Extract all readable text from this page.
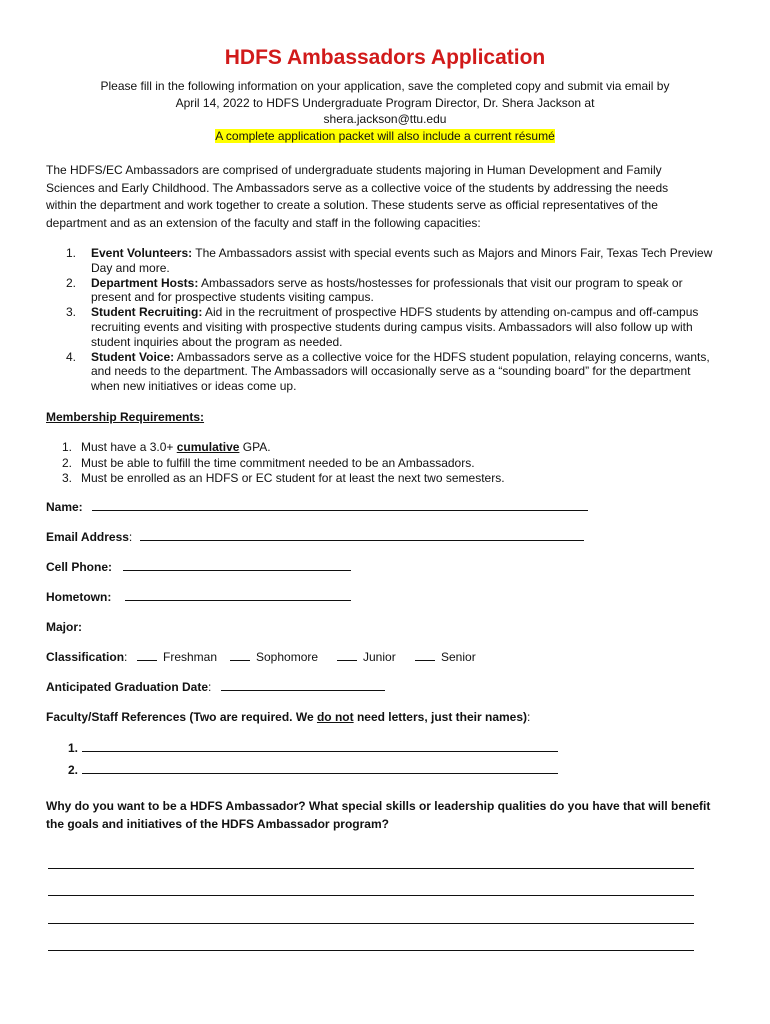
HDFS Ambassadors Application
Please fill in the following information on your application, save the completed copy and submit via email by
April 14, 2022 to HDFS Undergraduate Program Director, Dr. Shera Jackson at
shera.jackson@ttu.edu
A complete application packet will also include a current résumé
The HDFS/EC Ambassadors are comprised of undergraduate students majoring in Human Development and Family Sciences and Early Childhood. The Ambassadors serve as a collective voice of the students by addressing the needs within the department and work together to create a solution. These students serve as official representatives of the department and as an extension of the faculty and staff in the following capacities:
1. Event Volunteers: The Ambassadors assist with special events such as Majors and Minors Fair, Texas Tech Preview Day and more.
2. Department Hosts: Ambassadors serve as hosts/hostesses for professionals that visit our program to speak or present and for prospective students visiting campus.
3. Student Recruiting: Aid in the recruitment of prospective HDFS students by attending on-campus and off-campus recruiting events and visiting with prospective students during campus visits. Ambassadors will also follow up with student inquiries about the program as needed.
4. Student Voice: Ambassadors serve as a collective voice for the HDFS student population, relaying concerns, wants, and needs to the department. The Ambassadors will occasionally serve as a “sounding board” for the department when new initiatives or ideas come up.
Membership Requirements:
1. Must have a 3.0+ cumulative GPA.
2. Must be able to fulfill the time commitment needed to be an Ambassadors.
3. Must be enrolled as an HDFS or EC student for at least the next two semesters.
Name:
Email Address:
Cell Phone:
Hometown:
Major:
Classification:	Freshman	Sophomore	Junior	Senior
Anticipated Graduation Date:
Faculty/Staff References (Two are required. We do not need letters, just their names):
1.
2.
Why do you want to be a HDFS Ambassador? What special skills or leadership qualities do you have that will benefit the goals and initiatives of the HDFS Ambassador program?
